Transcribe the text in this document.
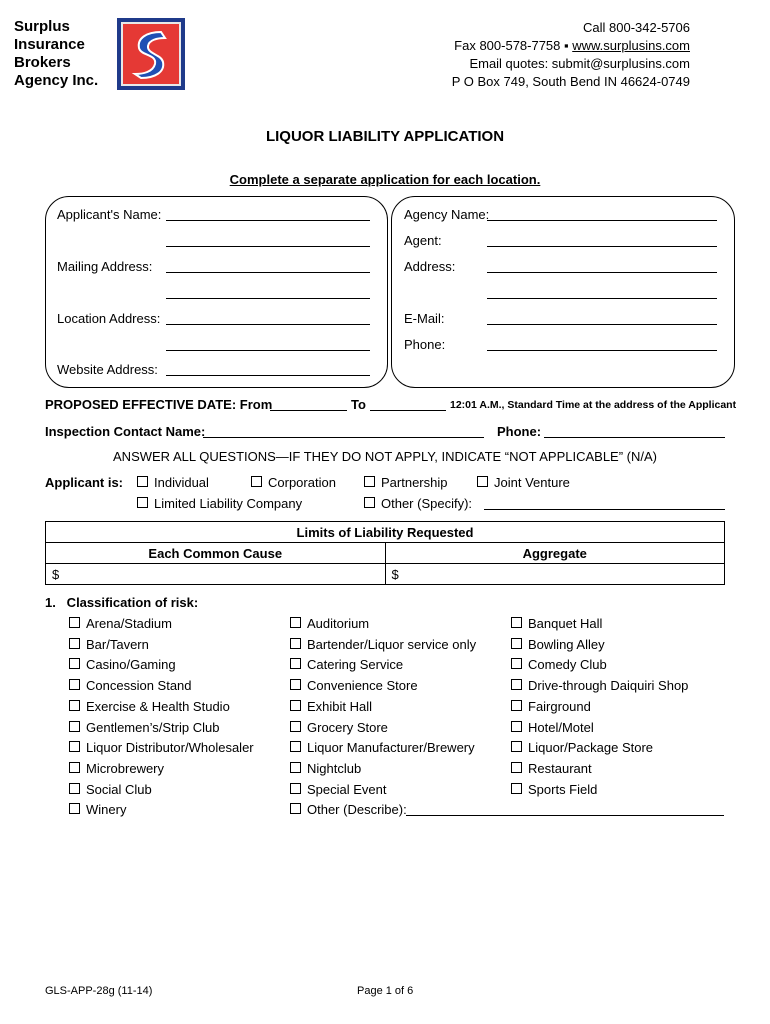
Surplus
Insurance
Brokers
Agency Inc.
Call 800-342-5706
Fax 800-578-7758 ▪ www.surplusins.com
Email quotes: submit@surplusins.com
P O Box 749, South Bend IN 46624-0749
LIQUOR LIABILITY APPLICATION
Complete a separate application for each location.
Applicant's Name:
Mailing Address:
Location Address:
Website Address:
Agency Name:
Agent:
Address:
E-Mail:
Phone:
PROPOSED EFFECTIVE DATE: From	To	12:01 A.M., Standard Time at the address of the Applicant
Inspection Contact Name:	Phone:
ANSWER ALL QUESTIONS—IF THEY DO NOT APPLY, INDICATE “NOT APPLICABLE” (N/A)
Applicant is: Individual	Corporation	Partnership	Joint Venture
Limited Liability Company	Other (Specify):
Limits of Liability Requested	
Each Common Cause	Aggregate
$	$
1.   Classification of risk:
Arena/Stadium
Bar/Tavern
Casino/Gaming
Concession Stand
Exercise & Health Studio
Gentlemen’s/Strip Club
Liquor Distributor/Wholesaler
Microbrewery
Social Club
Winery
Auditorium
Bartender/Liquor service only
Catering Service
Convenience Store
Exhibit Hall
Grocery Store
Liquor Manufacturer/Brewery
Nightclub
Special Event
Other (Describe):
Banquet Hall
Bowling Alley
Comedy Club
Drive-through Daiquiri Shop
Fairground
Hotel/Motel
Liquor/Package Store
Restaurant
Sports Field
GLS-APP-28g (11-14)	Page 1 of 6
